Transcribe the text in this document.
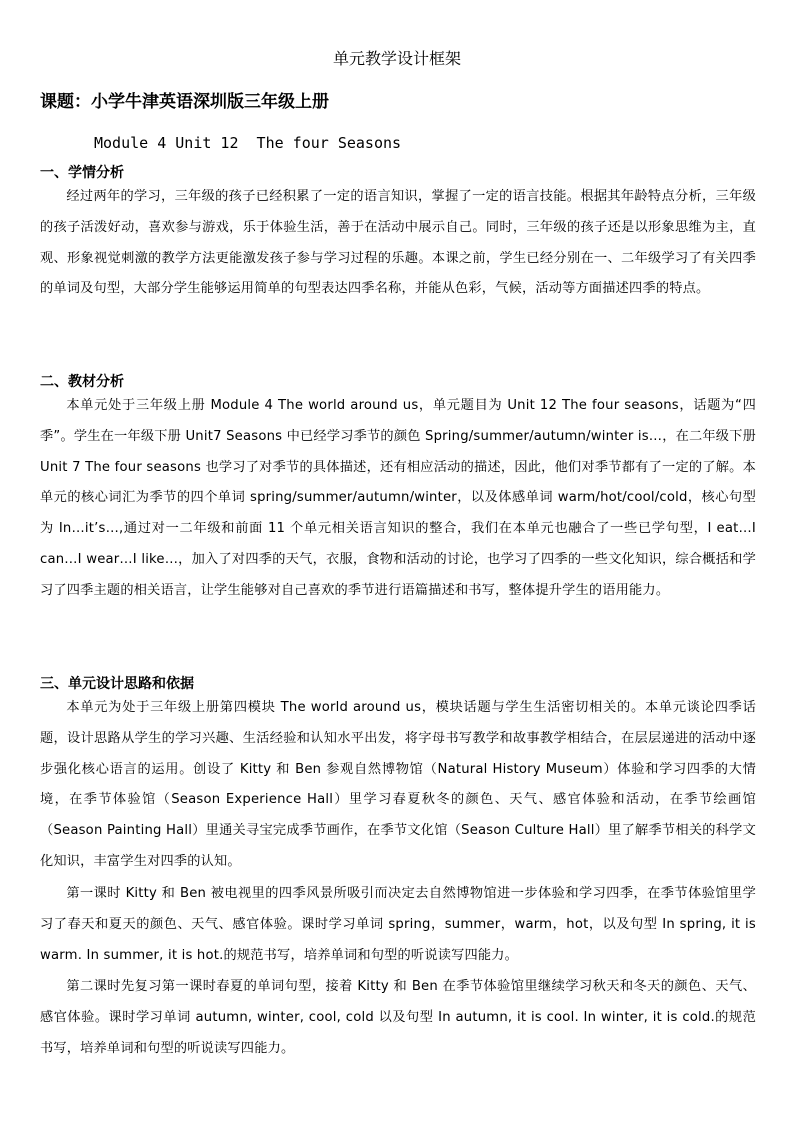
单元教学设计框架
课题：小学牛津英语深圳版三年级上册
Module 4 Unit 12  The four Seasons
一、学情分析

经过两年的学习，三年级的孩子已经积累了一定的语言知识，掌握了一定的语言技能。根据其年龄特点分析，三年级的孩子活泼好动，喜欢参与游戏，乐于体验生活，善于在活动中展示自己。同时，三年级的孩子还是以形象思维为主，直观、形象视觉刺激的教学方法更能激发孩子参与学习过程的乐趣。本课之前，学生已经分别在一、二年级学习了有关四季的单词及句型，大部分学生能够运用简单的句型表达四季名称，并能从色彩，气候，活动等方面描述四季的特点。

二、教材分析

本单元处于三年级上册 Module 4 The world around us，单元题目为 Unit 12 The four seasons，话题为“四季”。学生在一年级下册 Unit7 Seasons 中已经学习季节的颜色 Spring/summer/autumn/winter is…，在二年级下册 Unit 7 The four seasons 也学习了对季节的具体描述，还有相应活动的描述，因此，他们对季节都有了一定的了解。本单元的核心词汇为季节的四个单词 spring/summer/autumn/winter，以及体感单词 warm/hot/cool/cold，核心句型为 In…it’s…,通过对一二年级和前面 11 个单元相关语言知识的整合，我们在本单元也融合了一些已学句型，I eat…I can…I wear…I like…，加入了对四季的天气，衣服，食物和活动的讨论，也学习了四季的一些文化知识，综合概括和学习了四季主题的相关语言，让学生能够对自己喜欢的季节进行语篇描述和书写，整体提升学生的语用能力。

三、单元设计思路和依据

本单元为处于三年级上册第四模块 The world around us，模块话题与学生生活密切相关的。本单元谈论四季话题，设计思路从学生的学习兴趣、生活经验和认知水平出发，将字母书写教学和故事教学相结合，在层层递进的活动中逐步强化核心语言的运用。创设了 Kitty 和 Ben 参观自然博物馆（Natural History Museum）体验和学习四季的大情境，在季节体验馆（Season Experience Hall）里学习春夏秋冬的颜色、天气、感官体验和活动，在季节绘画馆（Season Painting Hall）里通关寻宝完成季节画作，在季节文化馆（Season Culture Hall）里了解季节相关的科学文化知识，丰富学生对四季的认知。

第一课时 Kitty 和 Ben 被电视里的四季风景所吸引而决定去自然博物馆进一步体验和学习四季，在季节体验馆里学习了春天和夏天的颜色、天气、感官体验。课时学习单词 spring，summer，warm，hot，以及句型 In spring, it is warm. In summer, it is hot.的规范书写，培养单词和句型的听说读写四能力。

第二课时先复习第一课时春夏的单词句型，接着 Kitty 和 Ben 在季节体验馆里继续学习秋天和冬天的颜色、天气、感官体验。课时学习单词 autumn, winter, cool, cold 以及句型 In autumn, it is cool. In winter, it is cold.的规范书写，培养单词和句型的听说读写四能力。
